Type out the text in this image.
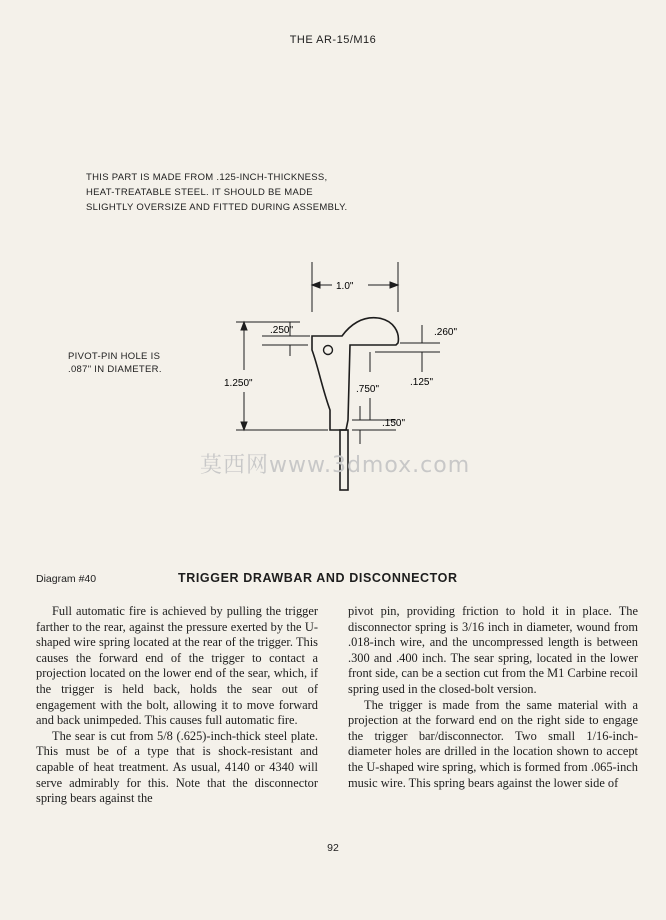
THE AR-15/M16
THIS PART IS MADE FROM .125-INCH-THICKNESS,
HEAT-TREATABLE STEEL. IT SHOULD BE MADE
SLIGHTLY OVERSIZE AND FITTED DURING ASSEMBLY.
PIVOT-PIN HOLE IS
.087" IN DIAMETER.
1.0"
.250"	.260"
1.250"
.750"
.125"
.150"
莫西网www.3dmox.com
Diagram #40	TRIGGER DRAWBAR AND DISCONNECTOR

Full automatic fire is achieved by pulling the trigger farther to the rear, against the pressure exerted by the U-shaped wire spring located at the rear of the trigger. This causes the forward end of the trigger to contact a projection located on the lower end of the sear, which, if the trigger is held back, holds the sear out of engagement with the bolt, allowing it to move forward and back unimpeded. This causes full automatic fire.

The sear is cut from 5/8 (.625)-inch-thick steel plate. This must be of a type that is shock-resistant and capable of heat treatment. As usual, 4140 or 4340 will serve admirably for this. Note that the disconnector spring bears against the

pivot pin, providing friction to hold it in place. The disconnector spring is 3/16 inch in diameter, wound from .018-inch wire, and the uncompressed length is between .300 and .400 inch. The sear spring, located in the lower front side, can be a section cut from the M1 Carbine recoil spring used in the closed-bolt version.

The trigger is made from the same material with a projection at the forward end on the right side to engage the trigger bar/disconnector. Two small 1/16-inch-diameter holes are drilled in the location shown to accept the U-shaped wire spring, which is formed from .065-inch music wire. This spring bears against the lower side of

92
